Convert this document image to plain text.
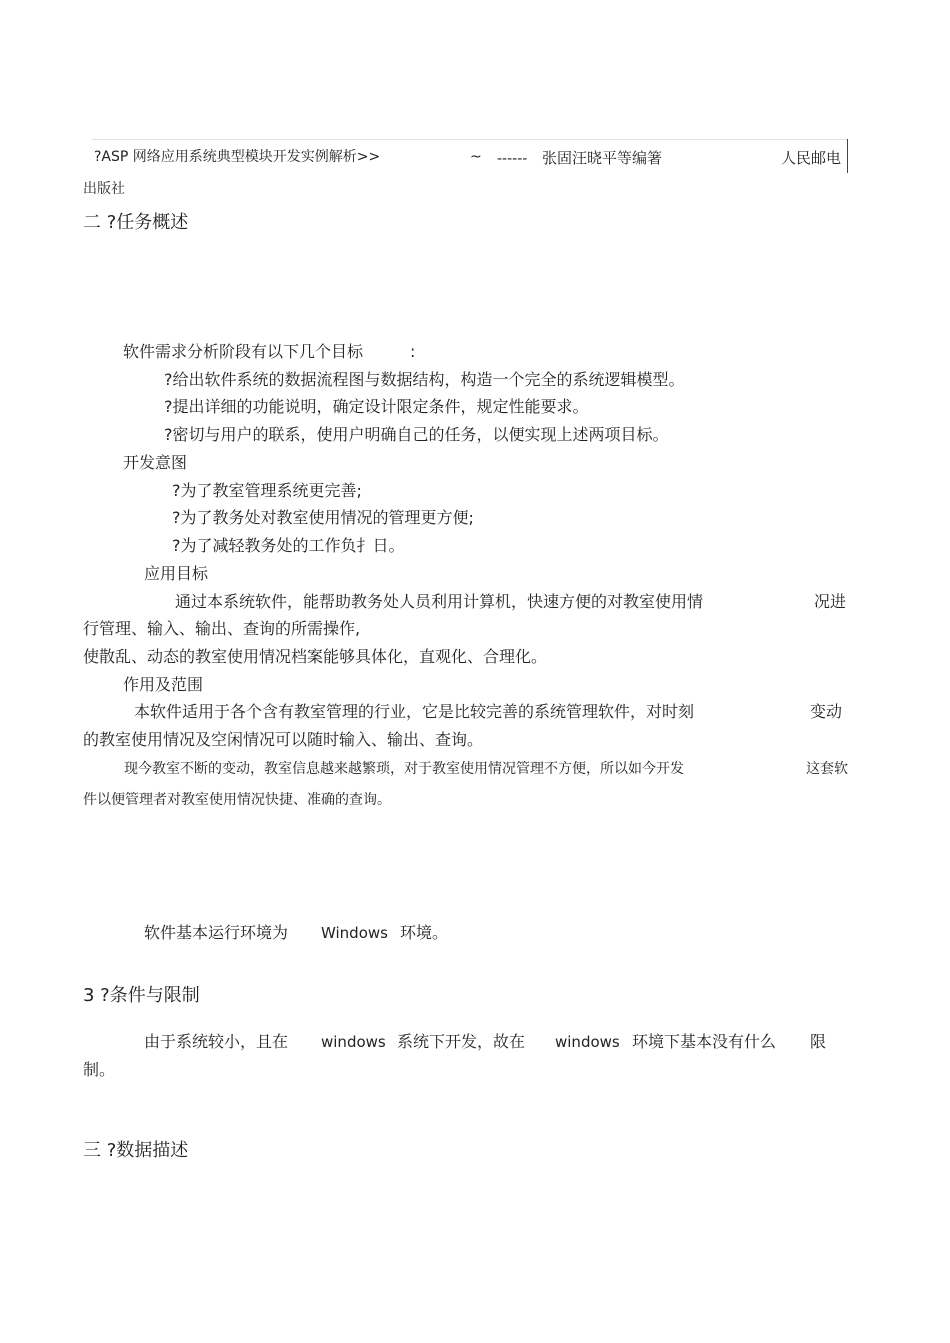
?ASP 网络应用系统典型模块开发实例解析>>	~ ------ 张固汪晓平等编箸	人民邮电
出版社
二 ?任务概述
软件需求分析阶段有以下几个目标	:
?给出软件系统的数据流程图与数据结构，构造一个完全的系统逻辑模型。
?提出详细的功能说明，确定设计限定条件，规定性能要求。
?密切与用户的联系，使用户明确自己的任务，以便实现上述两项目标。
开发意图
?为了教室管理系统更完善;
?为了教务处对教室使用情况的管理更方便;
?为了减轻教务处的工作负扌日。
应用目标
通过本系统软件，能帮助教务处人员利用计算机，快速方便的对教室使用情	况进
行管理、输入、输出、查询的所需操作,
使散乱、动态的教室使用情况档案能够具体化，直观化、合理化。
作用及范围
本软件适用于各个含有教室管理的行业，它是比较完善的系统管理软件，对时刻	变动
的教室使用情况及空闲情况可以随时输入、输出、查询。
现今教室不断的变动，教室信息越来越繁琐，对于教室使用情况管理不方便，所以如今开发	这套软
件以便管理者对教室使用情况快捷、准确的查询。
软件基本运行环境为 Windows 环境。
3 ?条件与限制
由于系统较小，且在 windows 系统下开发，故在 windows 环境下基本没有什么 限
制。
三 ?数据描述
